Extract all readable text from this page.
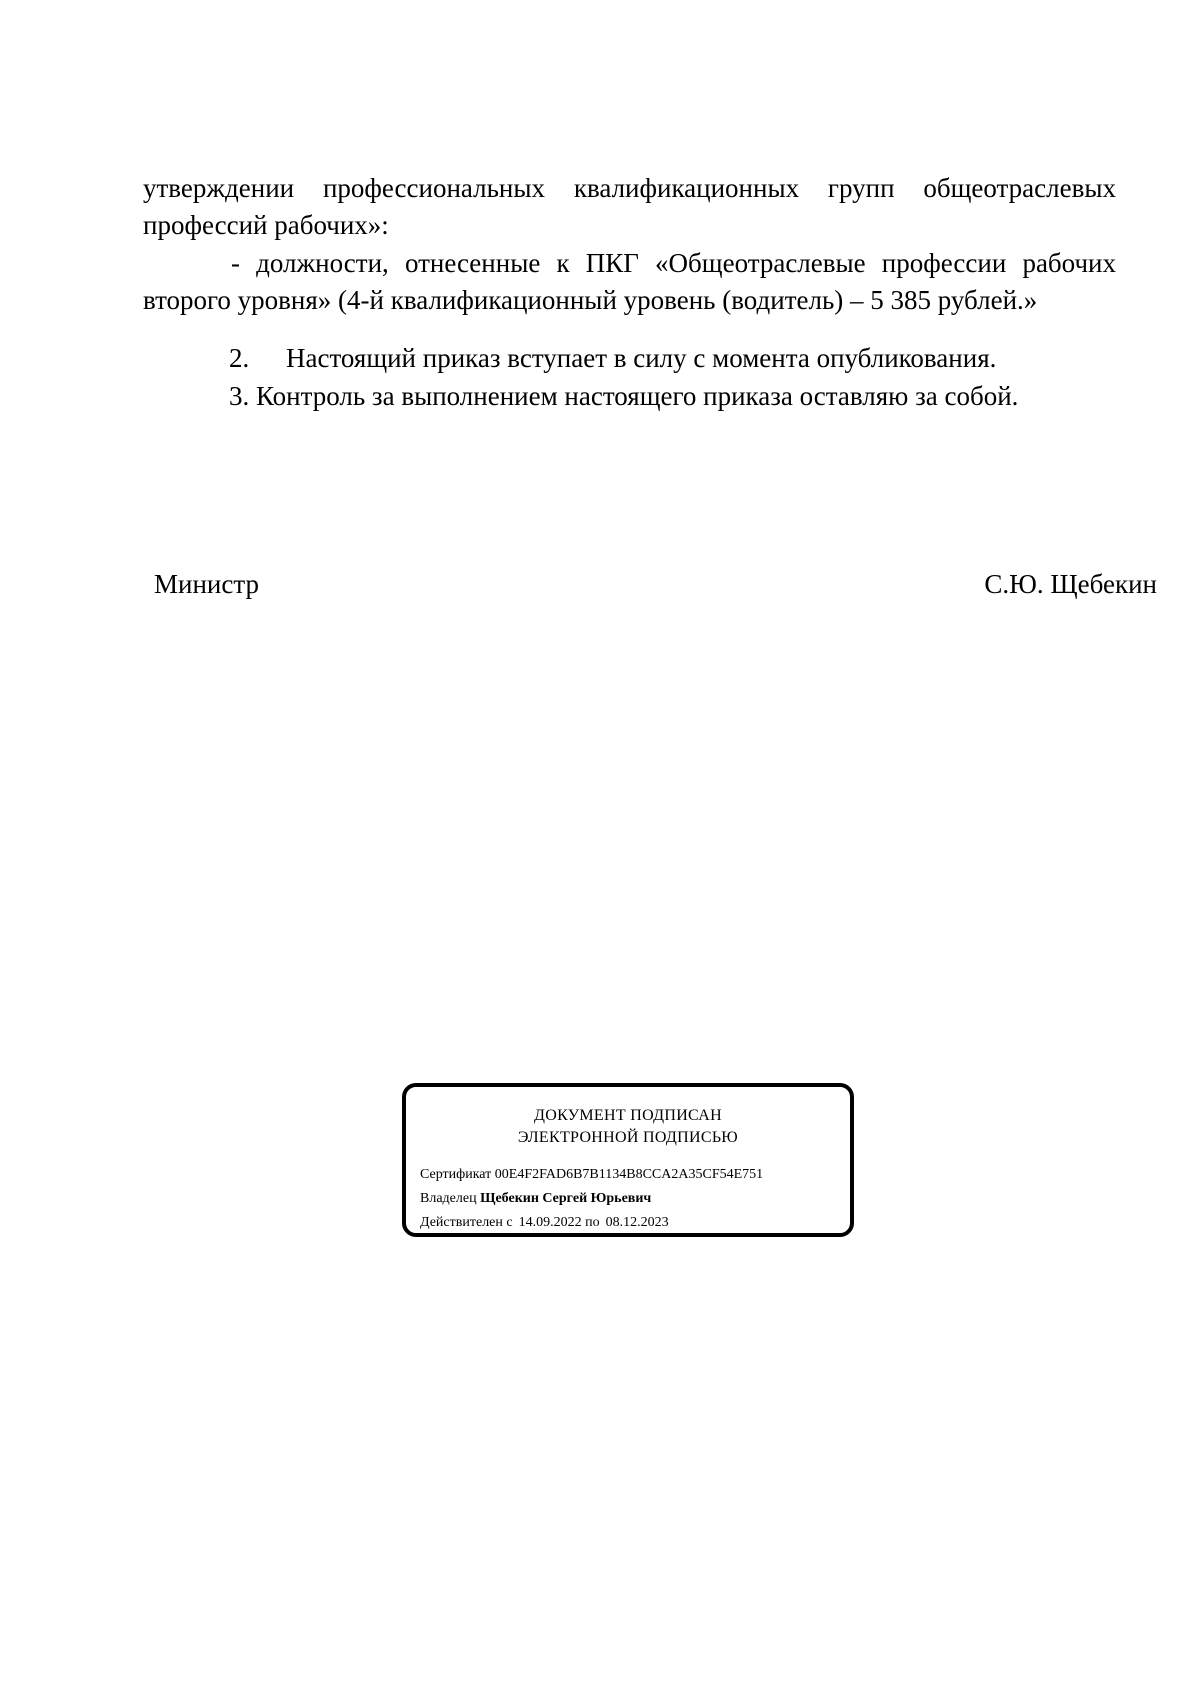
утверждении профессиональных квалификационных групп общеотраслевых профессий рабочих»:
- должности, отнесенные к ПКГ «Общеотраслевые профессии рабочих второго уровня» (4-й квалификационный уровень (водитель) – 5 385 рублей.»
2. Настоящий приказ вступает в силу с момента опубликования.
3. Контроль за выполнением настоящего приказа оставляю за собой.
Министр	С.Ю. Щебекин
ДОКУМЕНТ ПОДПИСАН
ЭЛЕКТРОННОЙ ПОДПИСЬЮ
Сертификат 00E4F2FAD6B7B1134B8CCA2A35CF54E751
Владелец Щебекин Сергей Юрьевич
Действителен с 14.09.2022 по 08.12.2023
